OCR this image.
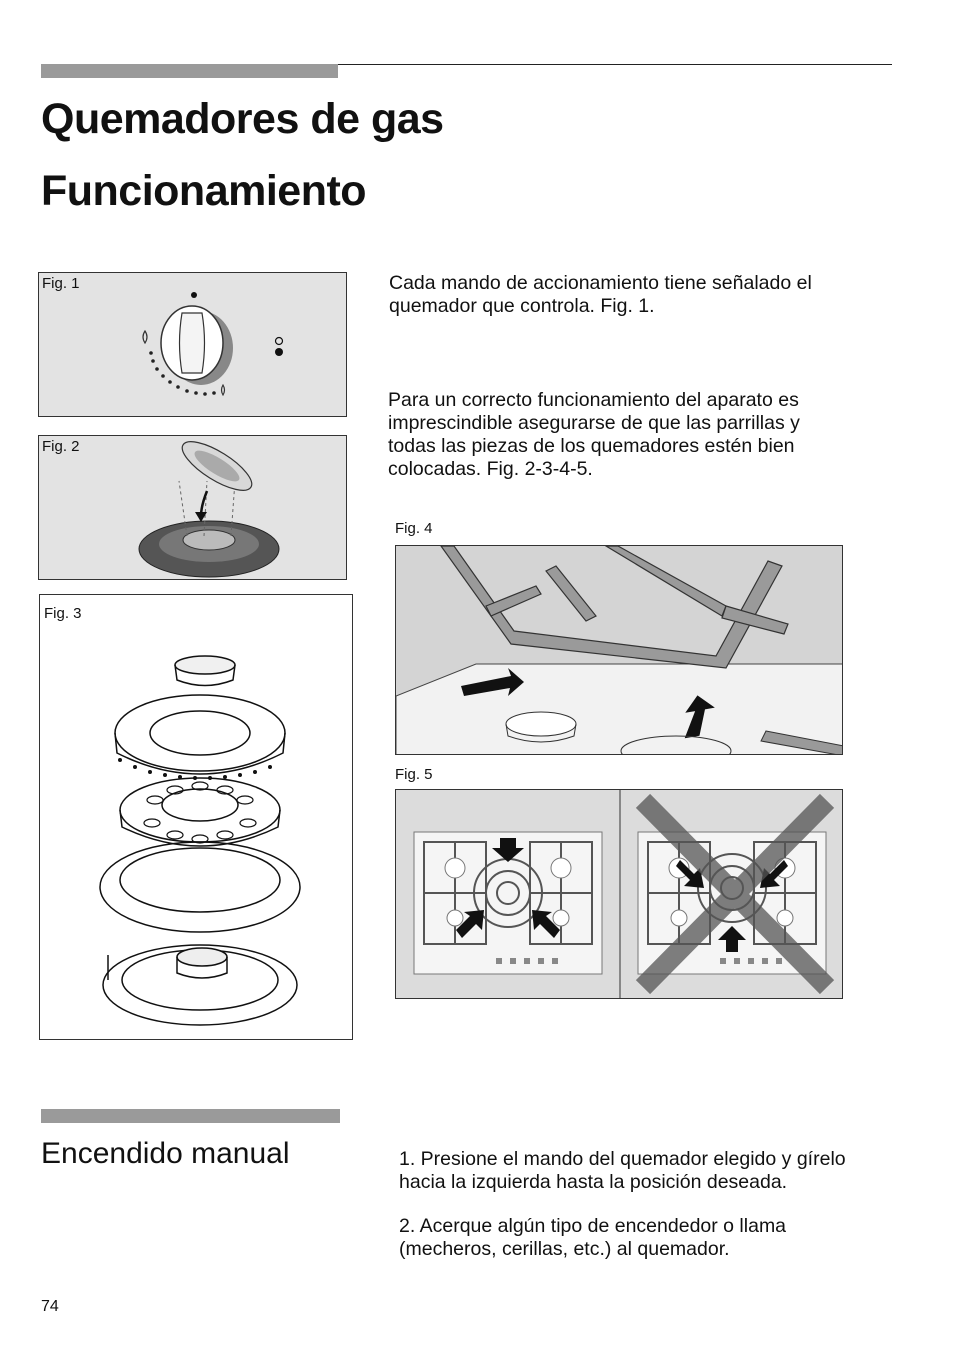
Quemadores de gas
Funcionamiento
Fig. 1
Fig. 2
Fig. 3
Cada mando de accionamiento tiene señalado el
quemador que controla. Fig. 1.
Para un correcto funcionamiento del aparato es
imprescindible asegurarse de que las parrillas y
todas las piezas de los quemadores estén bien
colocadas. Fig. 2-3-4-5.
Fig. 4
Fig. 5
Encendido manual	1. Presione el mando del quemador elegido y gírelo
hacia la izquierda hasta la posición deseada.
2. Acerque algún tipo de encendedor o llama
(mecheros, cerillas, etc.) al quemador.
74
